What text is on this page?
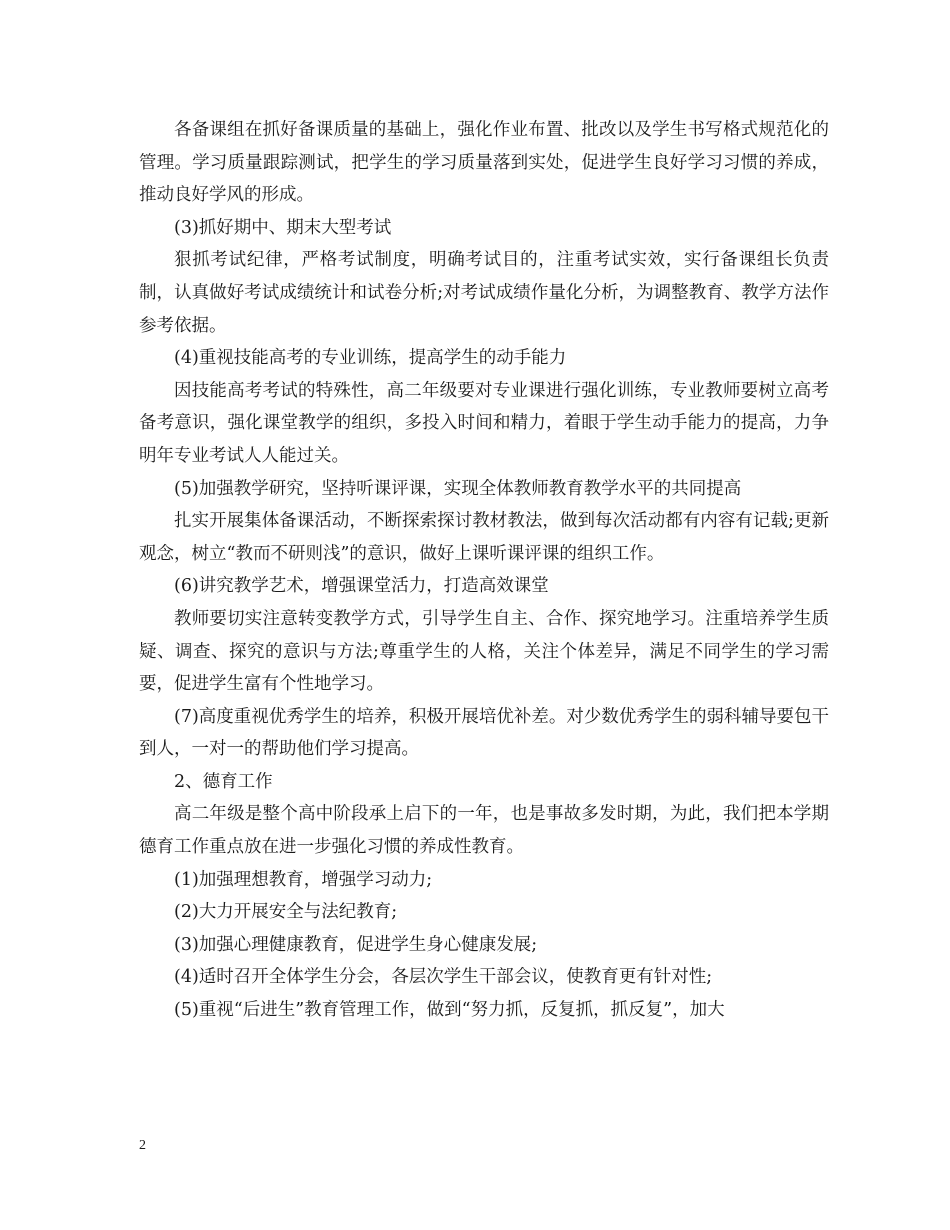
各备课组在抓好备课质量的基础上，强化作业布置、批改以及学生书写格式规范化的管理。学习质量跟踪测试，把学生的学习质量落到实处，促进学生良好学习习惯的养成，推动良好学风的形成。

(3)抓好期中、期末大型考试

狠抓考试纪律，严格考试制度，明确考试目的，注重考试实效，实行备课组长负责制，认真做好考试成绩统计和试卷分析;对考试成绩作量化分析，为调整教育、教学方法作参考依据。

(4)重视技能高考的专业训练，提高学生的动手能力

因技能高考考试的特殊性，高二年级要对专业课进行强化训练，专业教师要树立高考备考意识，强化课堂教学的组织，多投入时间和精力，着眼于学生动手能力的提高，力争明年专业考试人人能过关。

(5)加强教学研究，坚持听课评课，实现全体教师教育教学水平的共同提高

扎实开展集体备课活动，不断探索探讨教材教法，做到每次活动都有内容有记载;更新观念，树立“教而不研则浅”的意识，做好上课听课评课的组织工作。

(6)讲究教学艺术，增强课堂活力，打造高效课堂

教师要切实注意转变教学方式，引导学生自主、合作、探究地学习。注重培养学生质疑、调查、探究的意识与方法;尊重学生的人格，关注个体差异，满足不同学生的学习需要，促进学生富有个性地学习。

(7)高度重视优秀学生的培养，积极开展培优补差。对少数优秀学生的弱科辅导要包干到人，一对一的帮助他们学习提高。

2、德育工作

高二年级是整个高中阶段承上启下的一年，也是事故多发时期，为此，我们把本学期德育工作重点放在进一步强化习惯的养成性教育。

(1)加强理想教育，增强学习动力;

(2)大力开展安全与法纪教育;

(3)加强心理健康教育，促进学生身心健康发展;

(4)适时召开全体学生分会，各层次学生干部会议，使教育更有针对性;

(5)重视“后进生”教育管理工作，做到“努力抓，反复抓，抓反复”，加大

2
